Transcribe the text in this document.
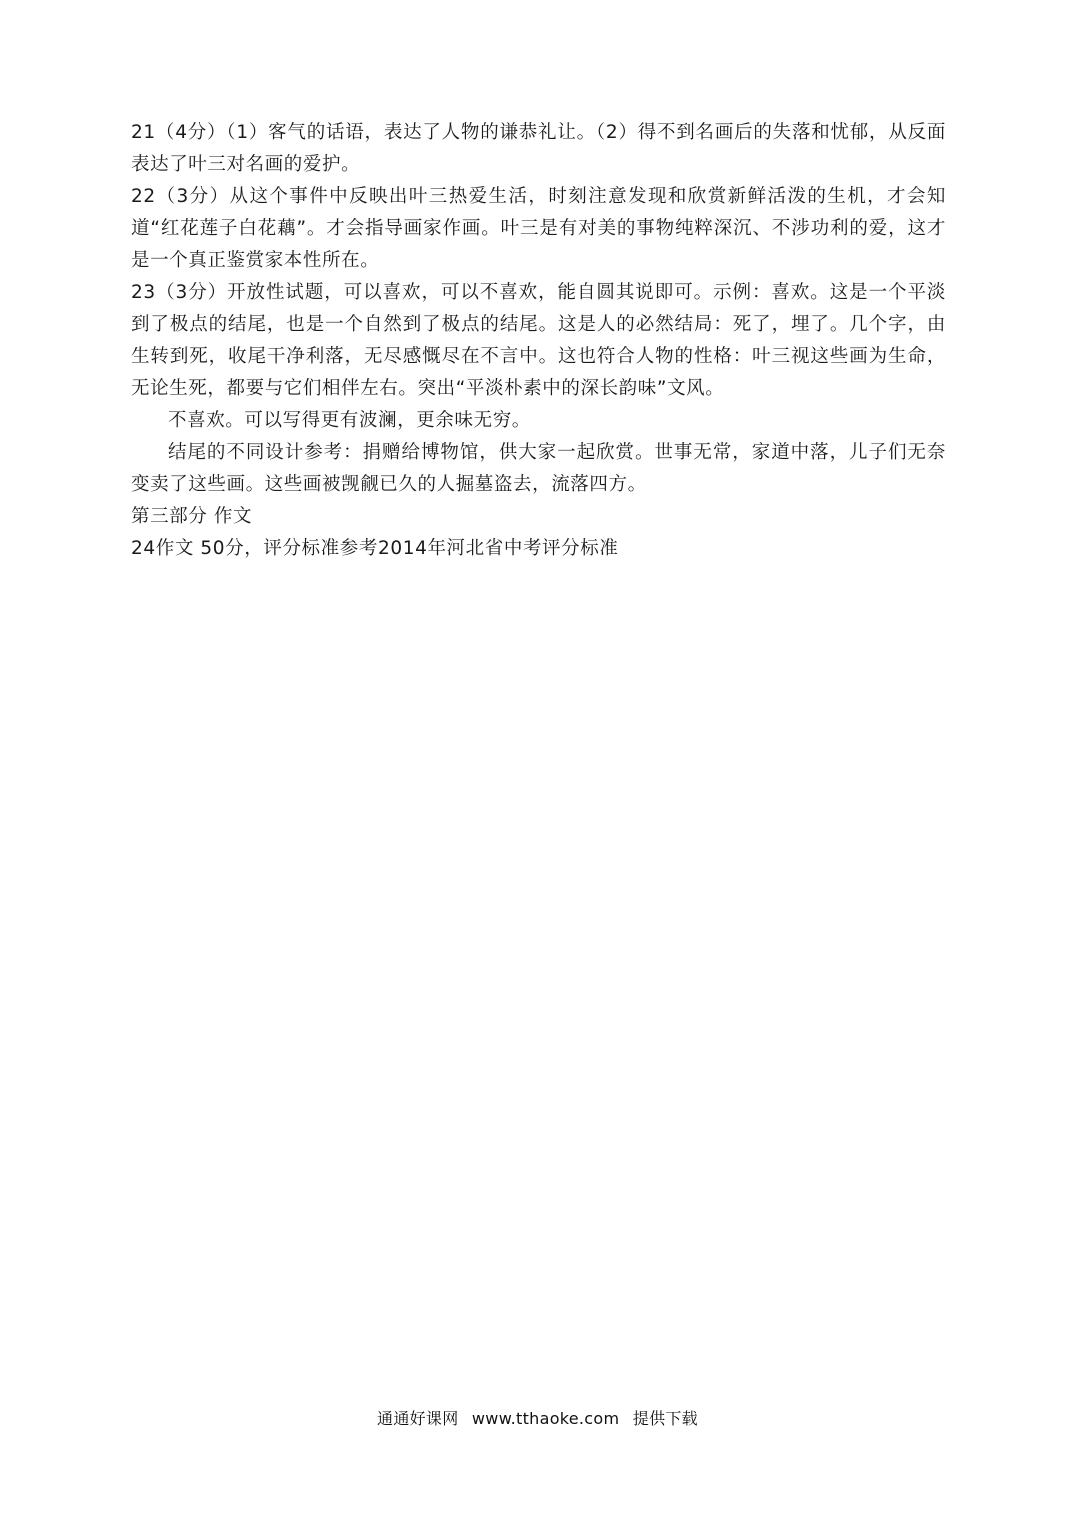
21（4分）（1）客气的话语，表达了人物的谦恭礼让。（2）得不到名画后的失落和忧郁，从反面表达了叶三对名画的爱护。

22（3分）从这个事件中反映出叶三热爱生活，时刻注意发现和欣赏新鲜活泼的生机，才会知道“红花莲子白花藕”。才会指导画家作画。叶三是有对美的事物纯粹深沉、不涉功利的爱，这才是一个真正鉴赏家本性所在。

23（3分）开放性试题，可以喜欢，可以不喜欢，能自圆其说即可。示例：喜欢。这是一个平淡到了极点的结尾，也是一个自然到了极点的结尾。这是人的必然结局：死了，埋了。几个字，由生转到死，收尾干净利落，无尽感慨尽在不言中。这也符合人物的性格：叶三视这些画为生命，无论生死，都要与它们相伴左右。突出“平淡朴素中的深长韵味”文风。

不喜欢。可以写得更有波澜，更余味无穷。

结尾的不同设计参考：捐赠给博物馆，供大家一起欣赏。世事无常，家道中落，儿子们无奈变卖了这些画。这些画被觊觎已久的人掘墓盗去，流落四方。

第三部分 作文

24作文 50分，评分标准参考2014年河北省中考评分标准

通通好课网 www.tthaoke.com 提供下载
